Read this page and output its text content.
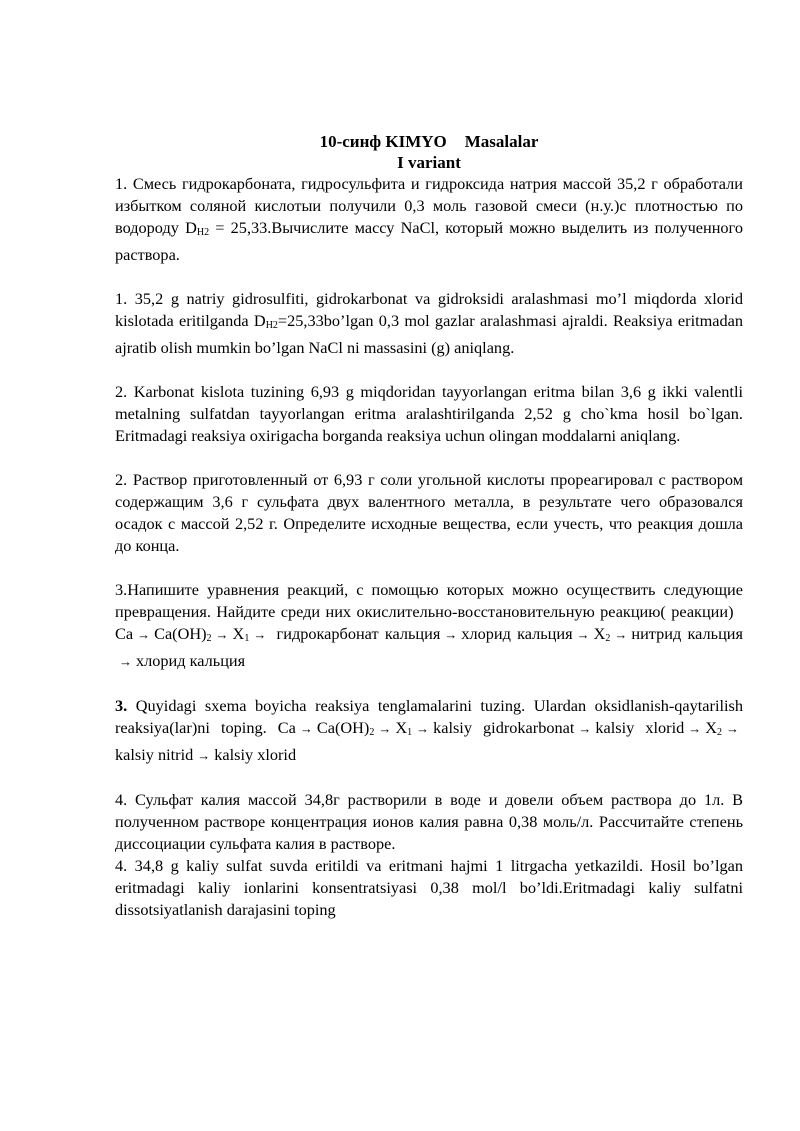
10-синф KIMYO Masalalar
I variant

1. Смесь гидрокарбоната, гидросульфита и гидроксида натрия массой 35,2 г обработали избытком соляной кислотыи получили 0,3 моль газовой смеси (н.у.)с плотностью по водороду $D_{H2}$ = 25,33.Вычислите массу NaCl, который можно выделить из полученного раствора.

1. 35,2 g natriy gidrosulfiti, gidrokarbonat va gidroksidi aralashmasi mo’l miqdorda xlorid kislotada eritilganda $D_{H2}=25,33bo’lgan$ 0,3 mol gazlar aralashmasi ajraldi. Reaksiya eritmadan ajratib olish mumkin bo’lgan NaCl ni massasini (g) aniqlang.

2. Karbonat kislota tuzining 6,93 g miqdoridan tayyorlangan eritma bilan 3,6 g ikki valentli metalning sulfatdan tayyorlangan eritma aralashtirilganda 2,52 g cho`kma hosil bo`lgan. Eritmadagi reaksiya oxirigacha borganda reaksiya uchun olingan moddalarni aniqlang.

2. Раствор приготовленный от 6,93 г соли угольной кислоты прореагировал с раствором содержащим 3,6 г сульфата двух валентного металла, в результате чего образовался осадок с массой 2,52 г. Определите исходные вещества, если учесть, что реакция дошла до конца.

3.Напишите уравнения реакций, с помощью которых можно осуществить следующие превращения. Найдите среди них окислительно-восстановительную реакцию( реакции)   $Ca \to Ca(OH)_2 \to X_1$ → гидрокарбонат кальция → хлорид кальция → $X_2$ → нитрид кальция→ хлорид кальция

3. Quyidagi sxema boyicha reaksiya tenglamalarini tuzing. Ulardan oksidlanish-qaytarilish reaksiya(lar)ni toping. $Ca \to Ca(OH)_2 \to X_1$ → kalsiy gidrokarbonat → kalsiy xlorid → $X_2$ →kalsiy nitrid → kalsiy xlorid

4. Сульфат калия массой 34,8г растворили в воде и довели объем раствора до 1л. В полученном растворе концентрация ионов калия равна 0,38 моль/л. Рассчитайте степень диссоциации сульфата калия в растворе.

4. 34,8 g kaliy sulfat suvda eritildi va eritmani hajmi 1 litrgacha yetkazildi. Hosil bo’lgan eritmadagi kaliy ionlarini konsentratsiyasi 0,38 mol/l bo’ldi.Eritmadagi kaliy sulfatni dissotsiyatlanish darajasini toping
